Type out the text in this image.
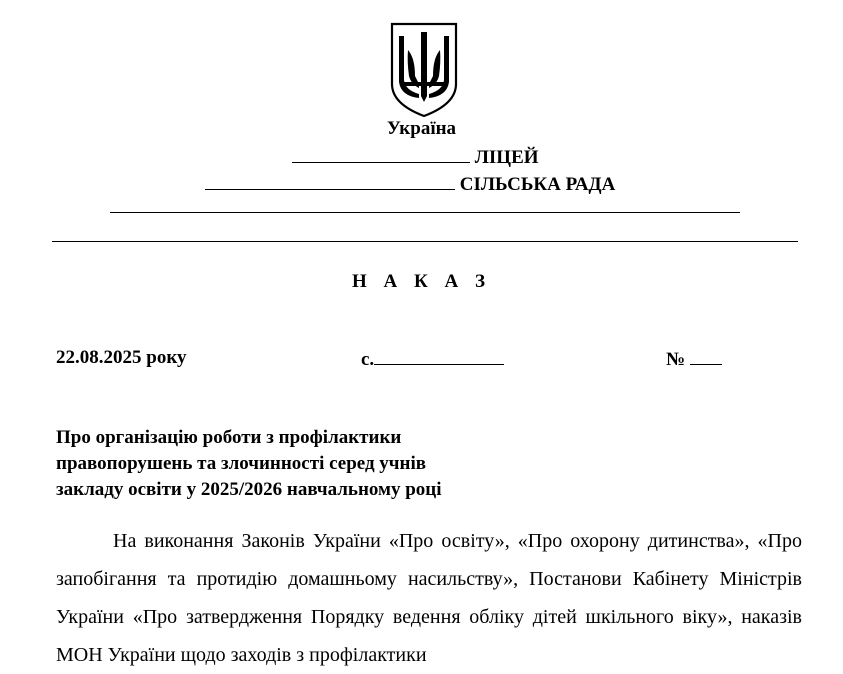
Україна
ЛІЦЕЙ
СІЛЬСЬКА РАДА
Н А К А З
22.08.2025 року	с.	№
Про організацію роботи з профілактики
правопорушень та злочинності серед учнів
закладу освіти у 2025/2026 навчальному році

На виконання Законів України «Про освіту», «Про охорону дитинства», «Про запобігання та протидію домашньому насильству», Постанови Кабінету Міністрів України «Про затвердження Порядку ведення обліку дітей шкільного віку», наказів МОН України щодо заходів з профілактики
